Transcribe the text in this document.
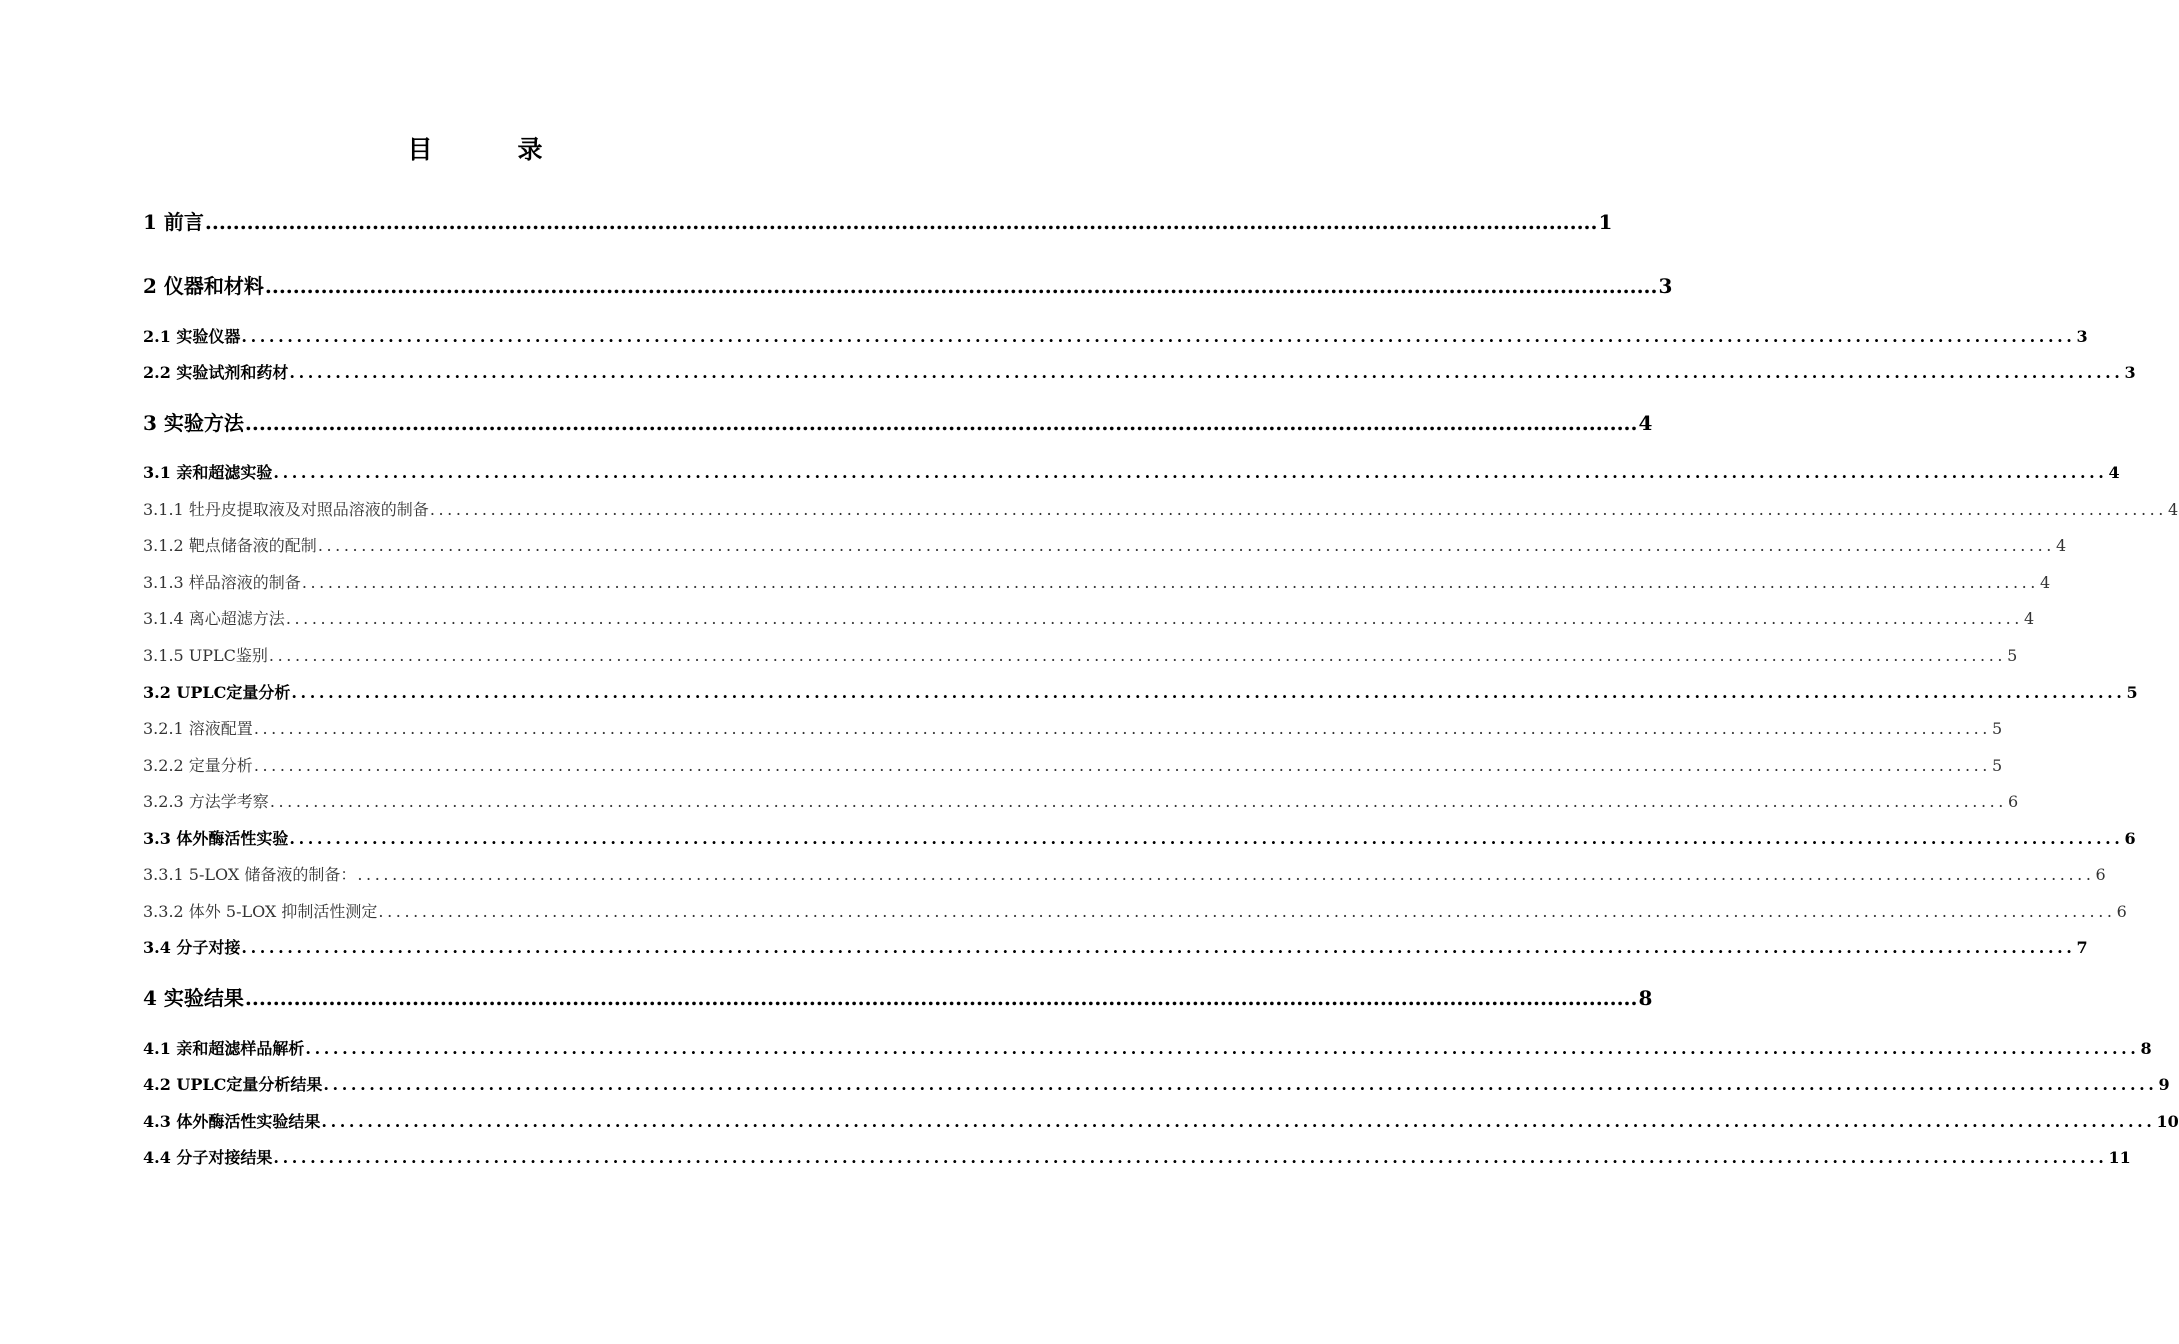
目　录
1 前言 ........................................................................................................................................................................................................ 1
2 仪器和材料 ........................................................................................................................................................................................................ 3
2.1 实验仪器 ........................................................................................................................................................................................................ 3
2.2 实验试剂和药材 ........................................................................................................................................................................................................ 3
3 实验方法 ........................................................................................................................................................................................................ 4
3.1 亲和超滤实验 ........................................................................................................................................................................................................ 4
3.1.1 牡丹皮提取液及对照品溶液的制备 ........................................................................................................................................................................................................ 4
3.1.2 靶点储备液的配制 ........................................................................................................................................................................................................ 4
3.1.3 样品溶液的制备 ........................................................................................................................................................................................................ 4
3.1.4 离心超滤方法 ........................................................................................................................................................................................................ 4
3.1.5 UPLC鉴别 ........................................................................................................................................................................................................ 5
3.2 UPLC定量分析 ........................................................................................................................................................................................................ 5
3.2.1 溶液配置 ........................................................................................................................................................................................................ 5
3.2.2 定量分析 ........................................................................................................................................................................................................ 5
3.2.3 方法学考察 ........................................................................................................................................................................................................ 6
3.3 体外酶活性实验 ........................................................................................................................................................................................................ 6
3.3.1 5-LOX 储备液的制备： ........................................................................................................................................................................................................ 6
3.3.2 体外 5-LOX 抑制活性测定 ........................................................................................................................................................................................................ 6
3.4 分子对接 ........................................................................................................................................................................................................ 7
4 实验结果 ........................................................................................................................................................................................................ 8
4.1 亲和超滤样品解析 ........................................................................................................................................................................................................ 8
4.2 UPLC定量分析结果 ........................................................................................................................................................................................................ 9
4.3 体外酶活性实验结果 ........................................................................................................................................................................................................ 10
4.4 分子对接结果 ........................................................................................................................................................................................................ 11
